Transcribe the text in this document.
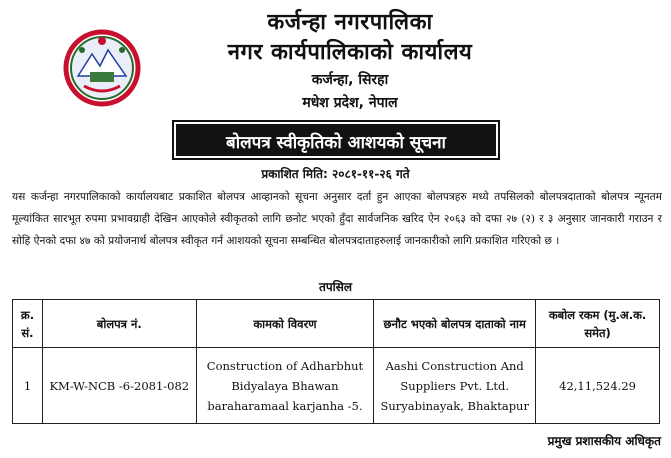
कर्जन्हा नगरपालिका
नगर कार्यपालिकाको कार्यालय
कर्जन्हा, सिरहा
मधेश प्रदेश, नेपाल
बोलपत्र स्वीकृतिको आशयको सूचना
प्रकाशित मिति: २०८१-११-२६ गते

यस कर्जन्हा नगरपालिकाको कार्यालयबाट प्रकाशित बोलपत्र आव्हानको सूचना अनुसार दर्ता हुन आएका बोलपत्रहरु मध्ये तपसिलको बोलपत्रदाताको बोलपत्र न्यूनतम मूल्यांकित सारभूत रुपमा प्रभावग्राही देखिन आएकोले स्वीकृतको लागि छनोट भएको हुँदा सार्वजनिक खरिद ऐन २०६३ को दफा २७ (२) र ३ अनुसार जानकारी गराउन र सोहि ऐनको दफा ४७ को प्रयोजनार्थ बोलपत्र स्वीकृत गर्न आशयको सूचना सम्बन्धित बोलपत्रदाताहरुलाई जानकारीको लागि प्रकाशित गरिएको छ ।

तपसिल
क्र. सं.	बोलपत्र नं.	कामको विवरण	छनौट भएको बोलपत्र दाताको नाम	कबोल रकम (मु.अ.क. समेत)
1	KM-W-NCB -6-2081-082	Construction of Adharbhut Bidyalaya Bhawan baraharamaal karjanha -5.	Aashi Construction And Suppliers Pvt. Ltd. Suryabinayak, Bhaktapur	42,11,524.29
प्रमुख प्रशासकीय अधिकृत
